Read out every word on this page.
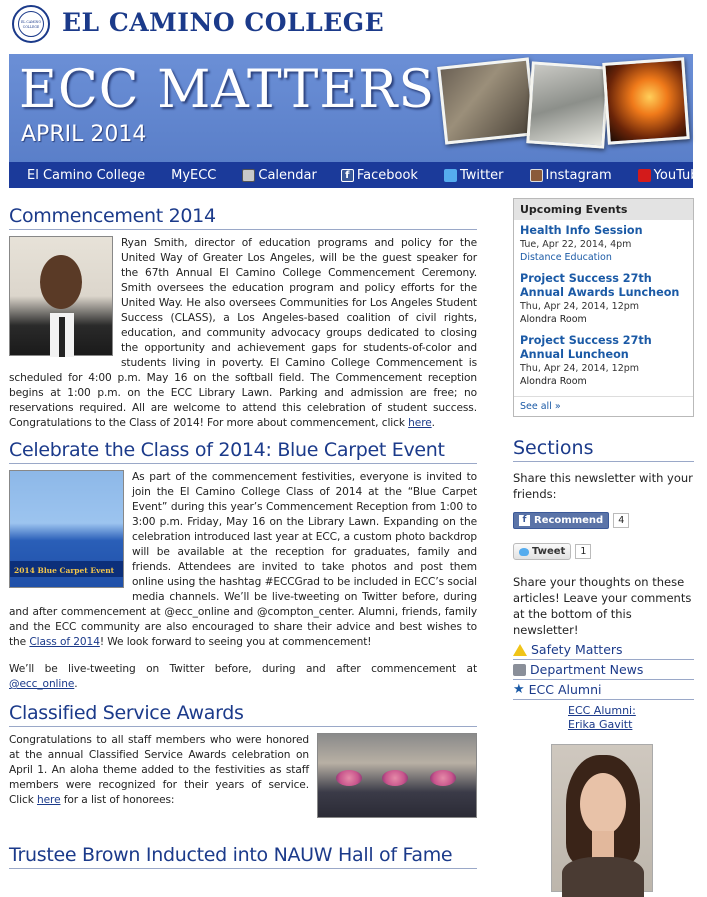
EL CAMINO COLLEGE EL CAMINO COLLEGE
ECC MATTERS
APRIL 2014
El Camino College MyECC	Calendar	f Facebook	Twitter	Instagram	YouTube
Commencement 2014
Ryan Smith, director of education programs and policy for the United Way of Greater Los Angeles, will be the guest speaker for the 67th Annual El Camino College Commencement Ceremony. Smith oversees the education program and policy efforts for the United Way. He also oversees Communities for Los Angeles Student Success (CLASS), a Los Angeles-based coalition of civil rights, education, and community advocacy groups dedicated to closing the opportunity and achievement gaps for students-of-color and students living in poverty. El Camino College Commencement is scheduled for 4:00 p.m. May 16 on the softball field. The Commencement reception begins at 1:00 p.m. on the ECC Library Lawn. Parking and admission are free; no reservations required. All are welcome to attend this celebration of student success. Congratulations to the Class of 2014! For more about commencement, click here.
Celebrate the Class of 2014: Blue Carpet Event
2014 Blue Carpet Event
As part of the commencement festivities, everyone is invited to join the El Camino College Class of 2014 at the “Blue Carpet Event” during this year’s Commencement Reception from 1:00 to 3:00 p.m. Friday, May 16 on the Library Lawn. Expanding on the celebration introduced last year at ECC, a custom photo backdrop will be available at the reception for graduates, family and friends. Attendees are invited to take photos and post them online using the hashtag #ECCGrad to be included in ECC’s social media channels. We’ll be live-tweeting on Twitter before, during and after commencement at @ecc_online and @compton_center. Alumni, friends, family and the ECC community are also encouraged to share their advice and best wishes to the Class of 2014! We look forward to seeing you at commencement!
We’ll be live-tweeting on Twitter before, during and after commencement at @ecc_online.
Classified Service Awards
Congratulations to all staff members who were honored at the annual Classified Service Awards celebration on April 1. An aloha theme added to the festivities as staff members were recognized for their years of service. Click here for a list of honorees:
Trustee Brown Inducted into NAUW Hall of Fame
Upcoming Events
Health Info Session
Tue, Apr 22, 2014, 4pm
Distance Education
Project Success 27th Annual Awards Luncheon
Thu, Apr 24, 2014, 12pm
Alondra Room
Project Success 27th Annual Luncheon
Thu, Apr 24, 2014, 12pm
Alondra Room
See all »
Sections
Share this newsletter with your friends:
f Recommend	4
Tweet	1
Share your thoughts on these articles! Leave your comments at the bottom of this newsletter!
Safety Matters
Department News
★ ECC Alumni
ECC Alumni:
Erika Gavitt
